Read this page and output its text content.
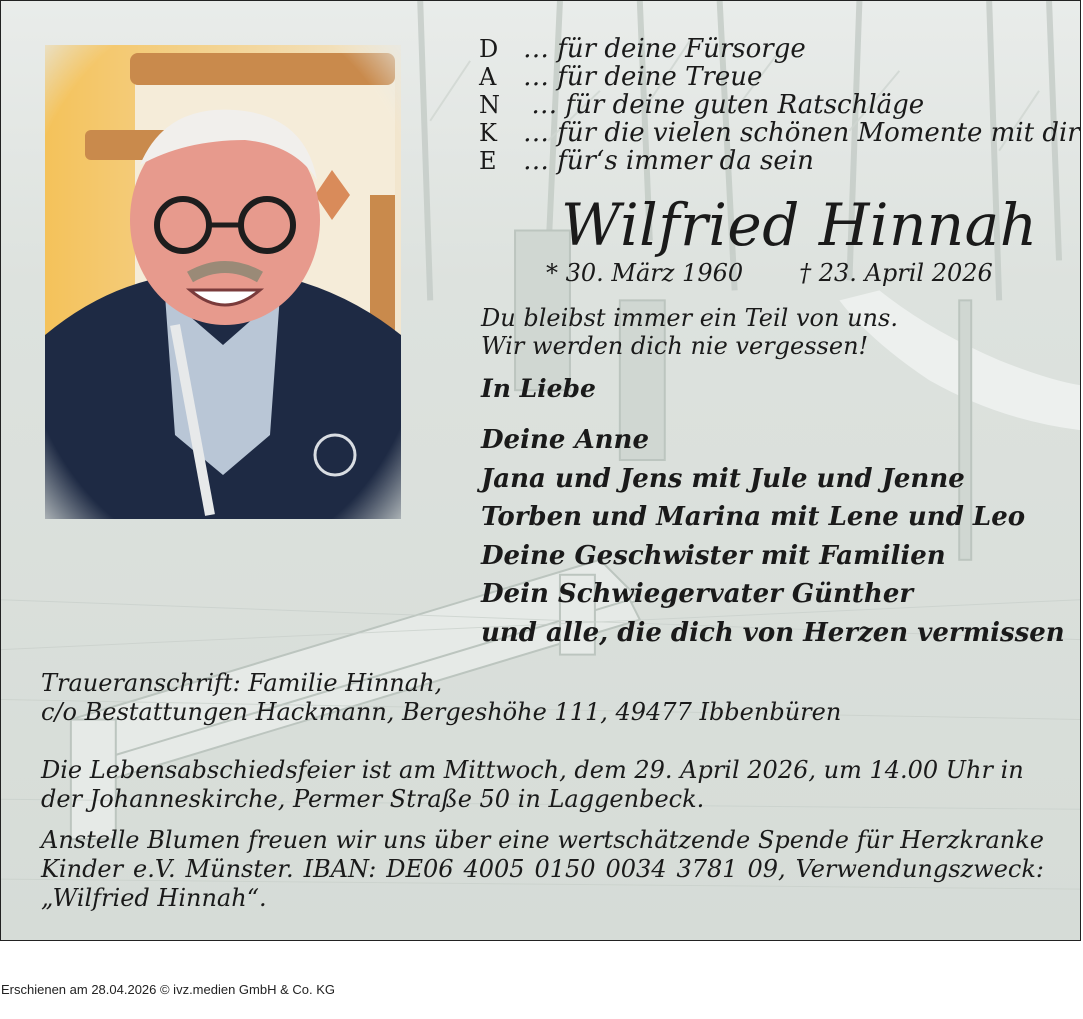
D … für deine Fürsorge
A … für deine Treue
N … für deine guten Ratschläge
K … für die vielen schönen Momente mit dir
E … für‘s immer da sein
Wilfried Hinnah
* 30. März 1960 † 23. April 2026
Du bleibst immer ein Teil von uns.
Wir werden dich nie vergessen!
In Liebe
Deine Anne
Jana und Jens mit Jule und Jenne
Torben und Marina mit Lene und Leo
Deine Geschwister mit Familien
Dein Schwiegervater Günther
und alle, die dich von Herzen vermissen
Traueranschrift: Familie Hinnah,
c/o Bestattungen Hackmann, Bergeshöhe 111, 49477 Ibbenbüren
Die Lebensabschiedsfeier ist am Mittwoch, dem 29. April 2026, um 14.00 Uhr in der Johanneskirche, Permer Straße 50 in Laggenbeck.
Anstelle Blumen freuen wir uns über eine wertschätzende Spende für Herzkranke Kinder e.V. Münster. IBAN: DE06 4005 0150 0034 3781 09, Verwendungszweck: „Wilfried Hinnah“.
Erschienen am 28.04.2026 © ivz.medien GmbH & Co. KG
